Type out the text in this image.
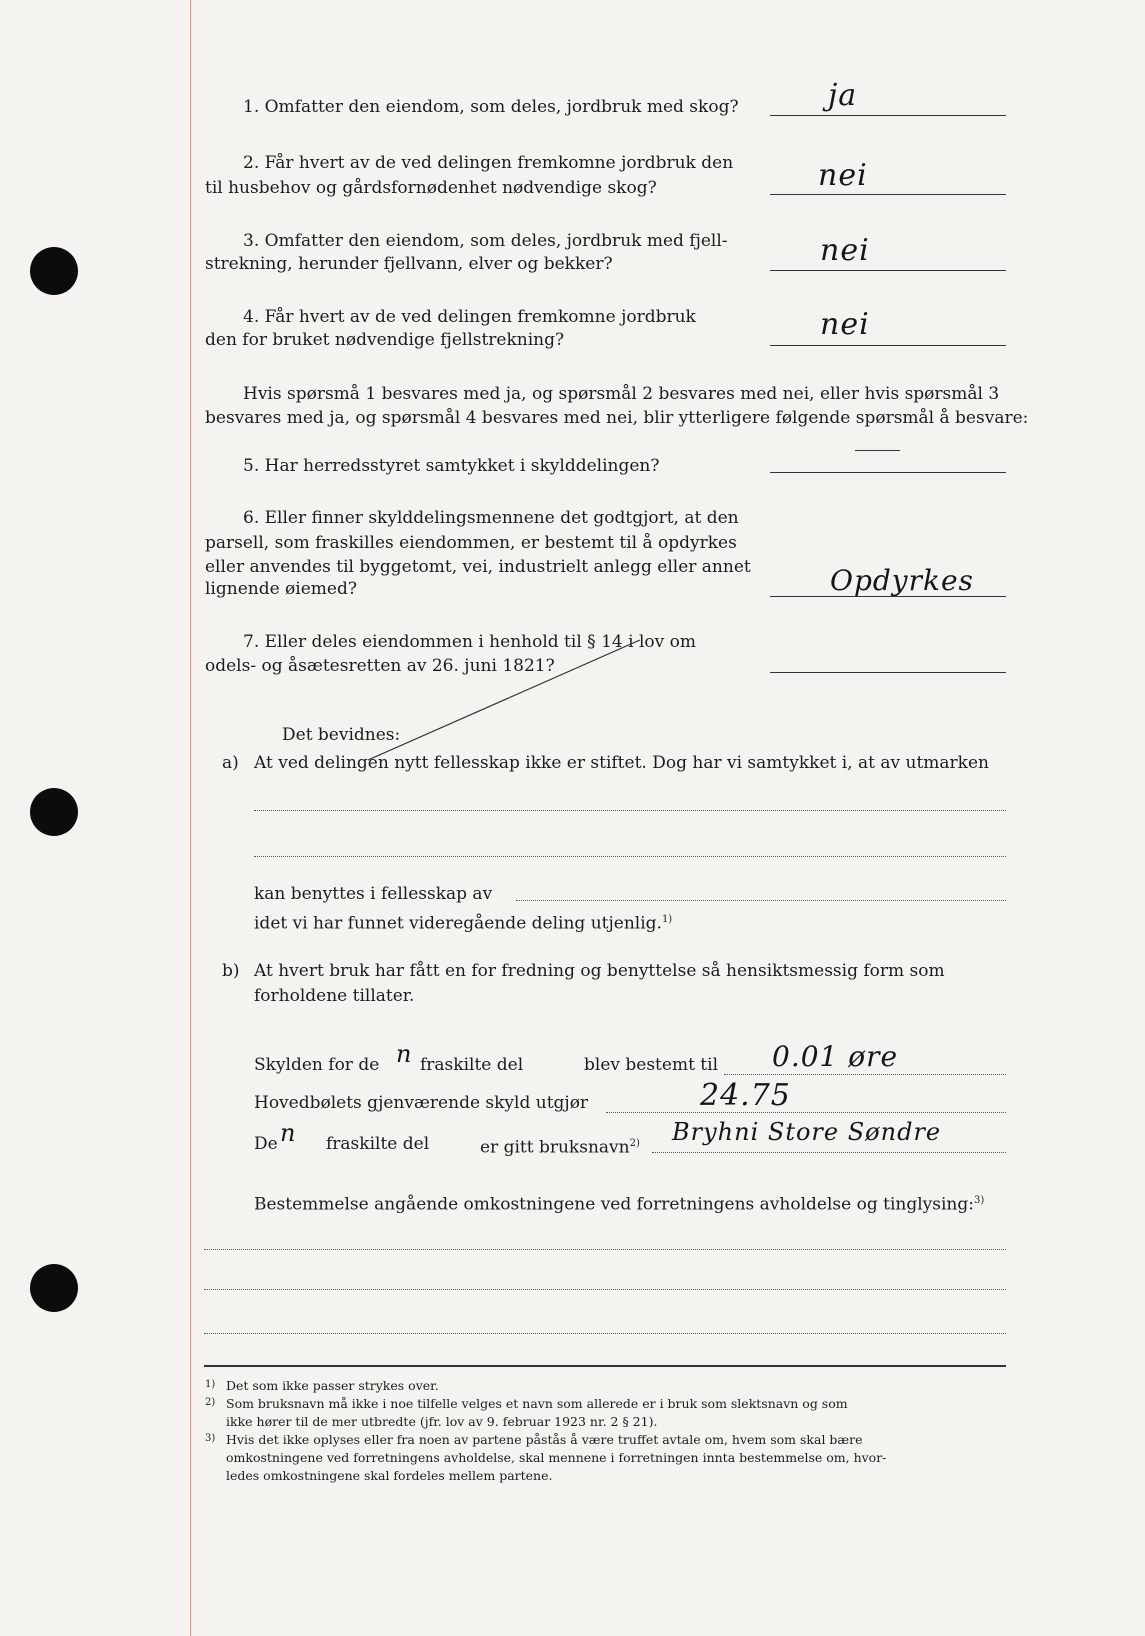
1. Omfatter den eiendom, som deles, jordbruk med skog?	ja
2. Får hvert av de ved delingen fremkomne jordbruk den
til husbehov og gårdsfornødenhet nødvendige skog?	nei
3. Omfatter den eiendom, som deles, jordbruk med fjell-
strekning, herunder fjellvann, elver og bekker?	nei
4. Får hvert av de ved delingen fremkomne jordbruk
den for bruket nødvendige fjellstrekning?	nei
Hvis spørsmå 1 besvares med ja, og spørsmål 2 besvares med nei, eller hvis spørsmål 3
besvares med ja, og spørsmål 4 besvares med nei, blir ytterligere følgende spørsmål å besvare:
5. Har herredsstyret samtykket i skylddelingen?
6. Eller finner skylddelingsmennene det godtgjort, at den
parsell, som fraskilles eiendommen, er bestemt til å opdyrkes
eller anvendes til byggetomt, vei, industrielt anlegg eller annet
lignende øiemed?	Opdyrkes
7. Eller deles eiendommen i henhold til § 14 i lov om
odels- og åsætesretten av 26. juni 1821?
Det bevidnes:
a) At ved delingen nytt fellesskap ikke er stiftet. Dog har vi samtykket i, at av utmarken
kan benyttes i fellesskap av
idet vi har funnet videregående deling utjenlig.$^{1)}$
b) At hvert bruk har fått en for fredning og benyttelse så hensiktsmessig form som
forholdene tillater.
Skylden for de n fraskilte del	blev bestemt til 0.01 øre
Hovedbølets gjenværende skyld utgjør	24.75
De n fraskilte del	er gitt bruksnavn$^{2)}$ Bryhni Store Søndre
Bestemmelse angående omkostningene ved forretningens avholdelse og tinglysing:$^{3)}$
1) Det som ikke passer strykes over.
2) Som bruksnavn må ikke i noe tilfelle velges et navn som allerede er i bruk som slektsnavn og som
ikke hører til de mer utbredte (jfr. lov av 9. februar 1923 nr. 2 § 21).
3) Hvis det ikke oplyses eller fra noen av partene påstås å være truffet avtale om, hvem som skal bære
omkostningene ved forretningens avholdelse, skal mennene i forretningen innta bestemmelse om, hvor-
ledes omkostningene skal fordeles mellem partene.
